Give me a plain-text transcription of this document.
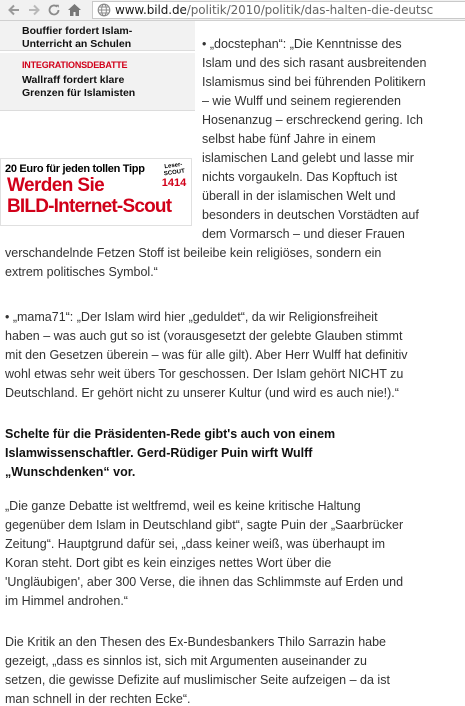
www.bild.de/politik/2010/politik/das-halten-die-deutsc
Bouffier fordert Islam-
Unterricht an Schulen
INTEGRATIONSDEBATTE
Wallraff fordert klare
Grenzen für Islamisten
20 Euro für jeden tollen Tipp
Werden Sie
BILD-Internet-Scout
Leser-SCOUT
1414
• „docstephan“: „Die Kenntnisse des
Islam und des sich rasant ausbreitenden
Islamismus sind bei führenden Politikern
– wie Wulff und seinem regierenden
Hosenanzug – erschreckend gering. Ich
selbst habe fünf Jahre in einem
islamischen Land gelebt und lasse mir
nichts vorgaukeln. Das Kopftuch ist
überall in der islamischen Welt und
besonders in deutschen Vorstädten auf
dem Vormarsch – und dieser Frauen
verschandelnde Fetzen Stoff ist beileibe kein religiöses, sondern ein
extrem politisches Symbol.“
• „mama71“: „Der Islam wird hier „geduldet“, da wir Religionsfreiheit
haben – was auch gut so ist (vorausgesetzt der gelebte Glauben stimmt
mit den Gesetzen überein – was für alle gilt). Aber Herr Wulff hat definitiv
wohl etwas sehr weit übers Tor geschossen. Der Islam gehört NICHT zu
Deutschland. Er gehört nicht zu unserer Kultur (und wird es auch nie!).“
Schelte für die Präsidenten-Rede gibt's auch von einem
Islamwissenschaftler. Gerd-Rüdiger Puin wirft Wulff
„Wunschdenken“ vor.
„Die ganze Debatte ist weltfremd, weil es keine kritische Haltung
gegenüber dem Islam in Deutschland gibt“, sagte Puin der „Saarbrücker
Zeitung“. Hauptgrund dafür sei, „dass keiner weiß, was überhaupt im
Koran steht. Dort gibt es kein einziges nettes Wort über die
'Ungläubigen', aber 300 Verse, die ihnen das Schlimmste auf Erden und
im Himmel androhen.“
Die Kritik an den Thesen des Ex-Bundesbankers Thilo Sarrazin habe
gezeigt, „dass es sinnlos ist, sich mit Argumenten auseinander zu
setzen, die gewisse Defizite auf muslimischer Seite aufzeigen – da ist
man schnell in der rechten Ecke“.
